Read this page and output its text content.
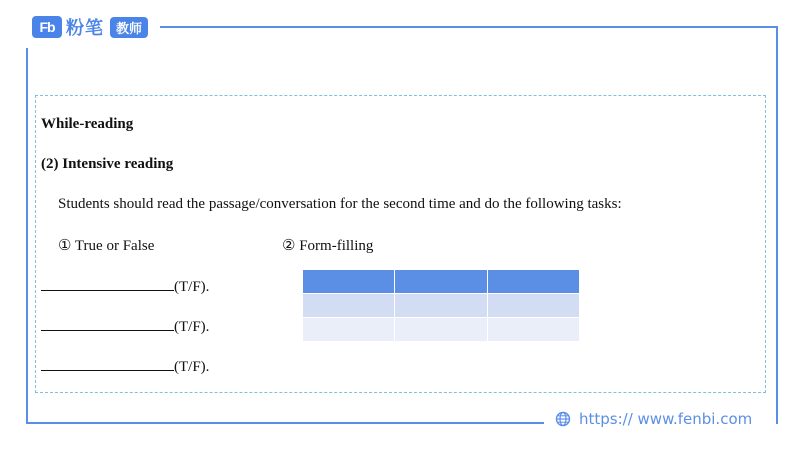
Fb 粉笔 教师
While-reading
(2) Intensive reading
Students should read the passage/conversation for the second time and do the following tasks:
① True or False	② Form-filling
(T/F).
(T/F).
(T/F).

https:// www.fenbi.com
